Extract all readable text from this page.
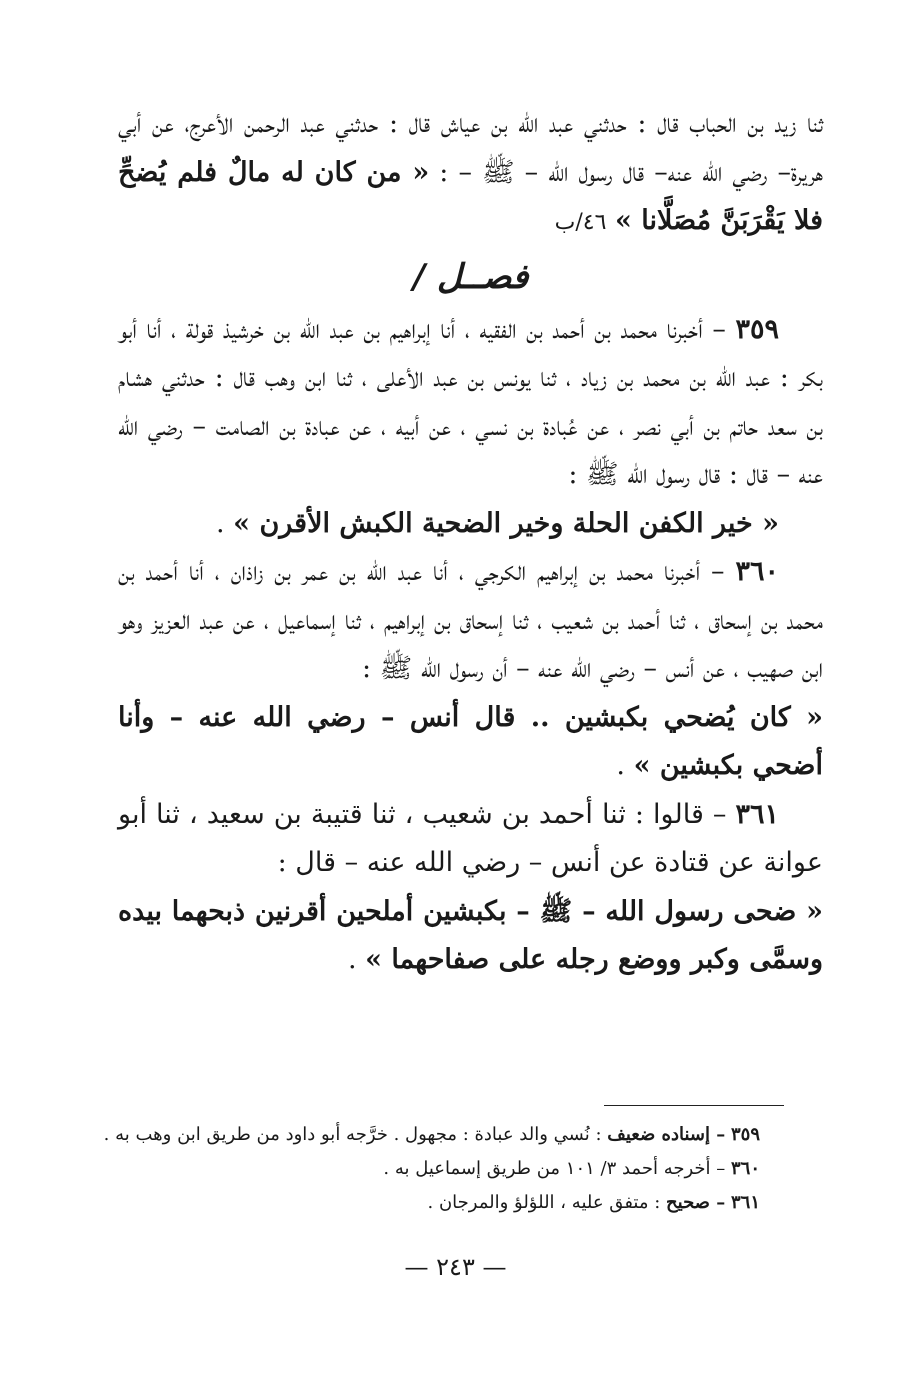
ثنا زيد بن الحباب قال : حدثني عبد الله بن عياش قال : حدثني عبد الرحمن الأعرج، عن أبي هريرة– رضي الله عنه– قال رسول الله – ﷺ – : « من كان له مالٌ فلم يُضحِّ فلا يَقْرَبَنَّ مُصَلَّانا » ٤٦/ب

فصــل /

٣٥٩ – أخبرنا محمد بن أحمد بن الفقيه ، أنا إبراهيم بن عبد الله بن خرشيذ قولة ، أنا أبو بكر : عبد الله بن محمد بن زياد ، ثنا يونس بن عبد الأعلى ، ثنا ابن وهب قال : حدثني هشام بن سعد حاتم بن أبي نصر ، عن عُبادة بن نسي ، عن أبيه ، عن عبادة بن الصامت – رضي الله عنه – قال : قال رسول الله ﷺ :

« خير الكفن الحلة وخير الضحية الكبش الأقرن » .

٣٦٠ – أخبرنا محمد بن إبراهيم الكرجي ، أنا عبد الله بن عمر بن زاذان ، أنا أحمد بن محمد بن إسحاق ، ثنا أحمد بن شعيب ، ثنا إسحاق بن إبراهيم ، ثنا إسماعيل ، عن عبد العزيز وهو ابن صهيب ، عن أنس – رضي الله عنه – أن رسول الله ﷺ :

« كان يُضحي بكبشين .. قال أنس – رضي الله عنه – وأنا أضحي بكبشين » .

٣٦١ – قالوا : ثنا أحمد بن شعيب ، ثنا قتيبة بن سعيد ، ثنا أبو عوانة عن قتادة عن أنس – رضي الله عنه – قال :

« ضحى رسول الله – ﷺ – بكبشين أملحين أقرنين ذبحهما بيده وسمَّى وكبر ووضع رجله على صفاحهما » .

٣٥٩ – إسناده ضعيف : نُسي والد عبادة : مجهول . خرَّجه أبو داود من طريق ابن وهب به .

٣٦٠ – أخرجه أحمد ٣/ ١٠١ من طريق إسماعيل به .

٣٦١ – صحيح : متفق عليه ، اللؤلؤ والمرجان .

— ٢٤٣ —
